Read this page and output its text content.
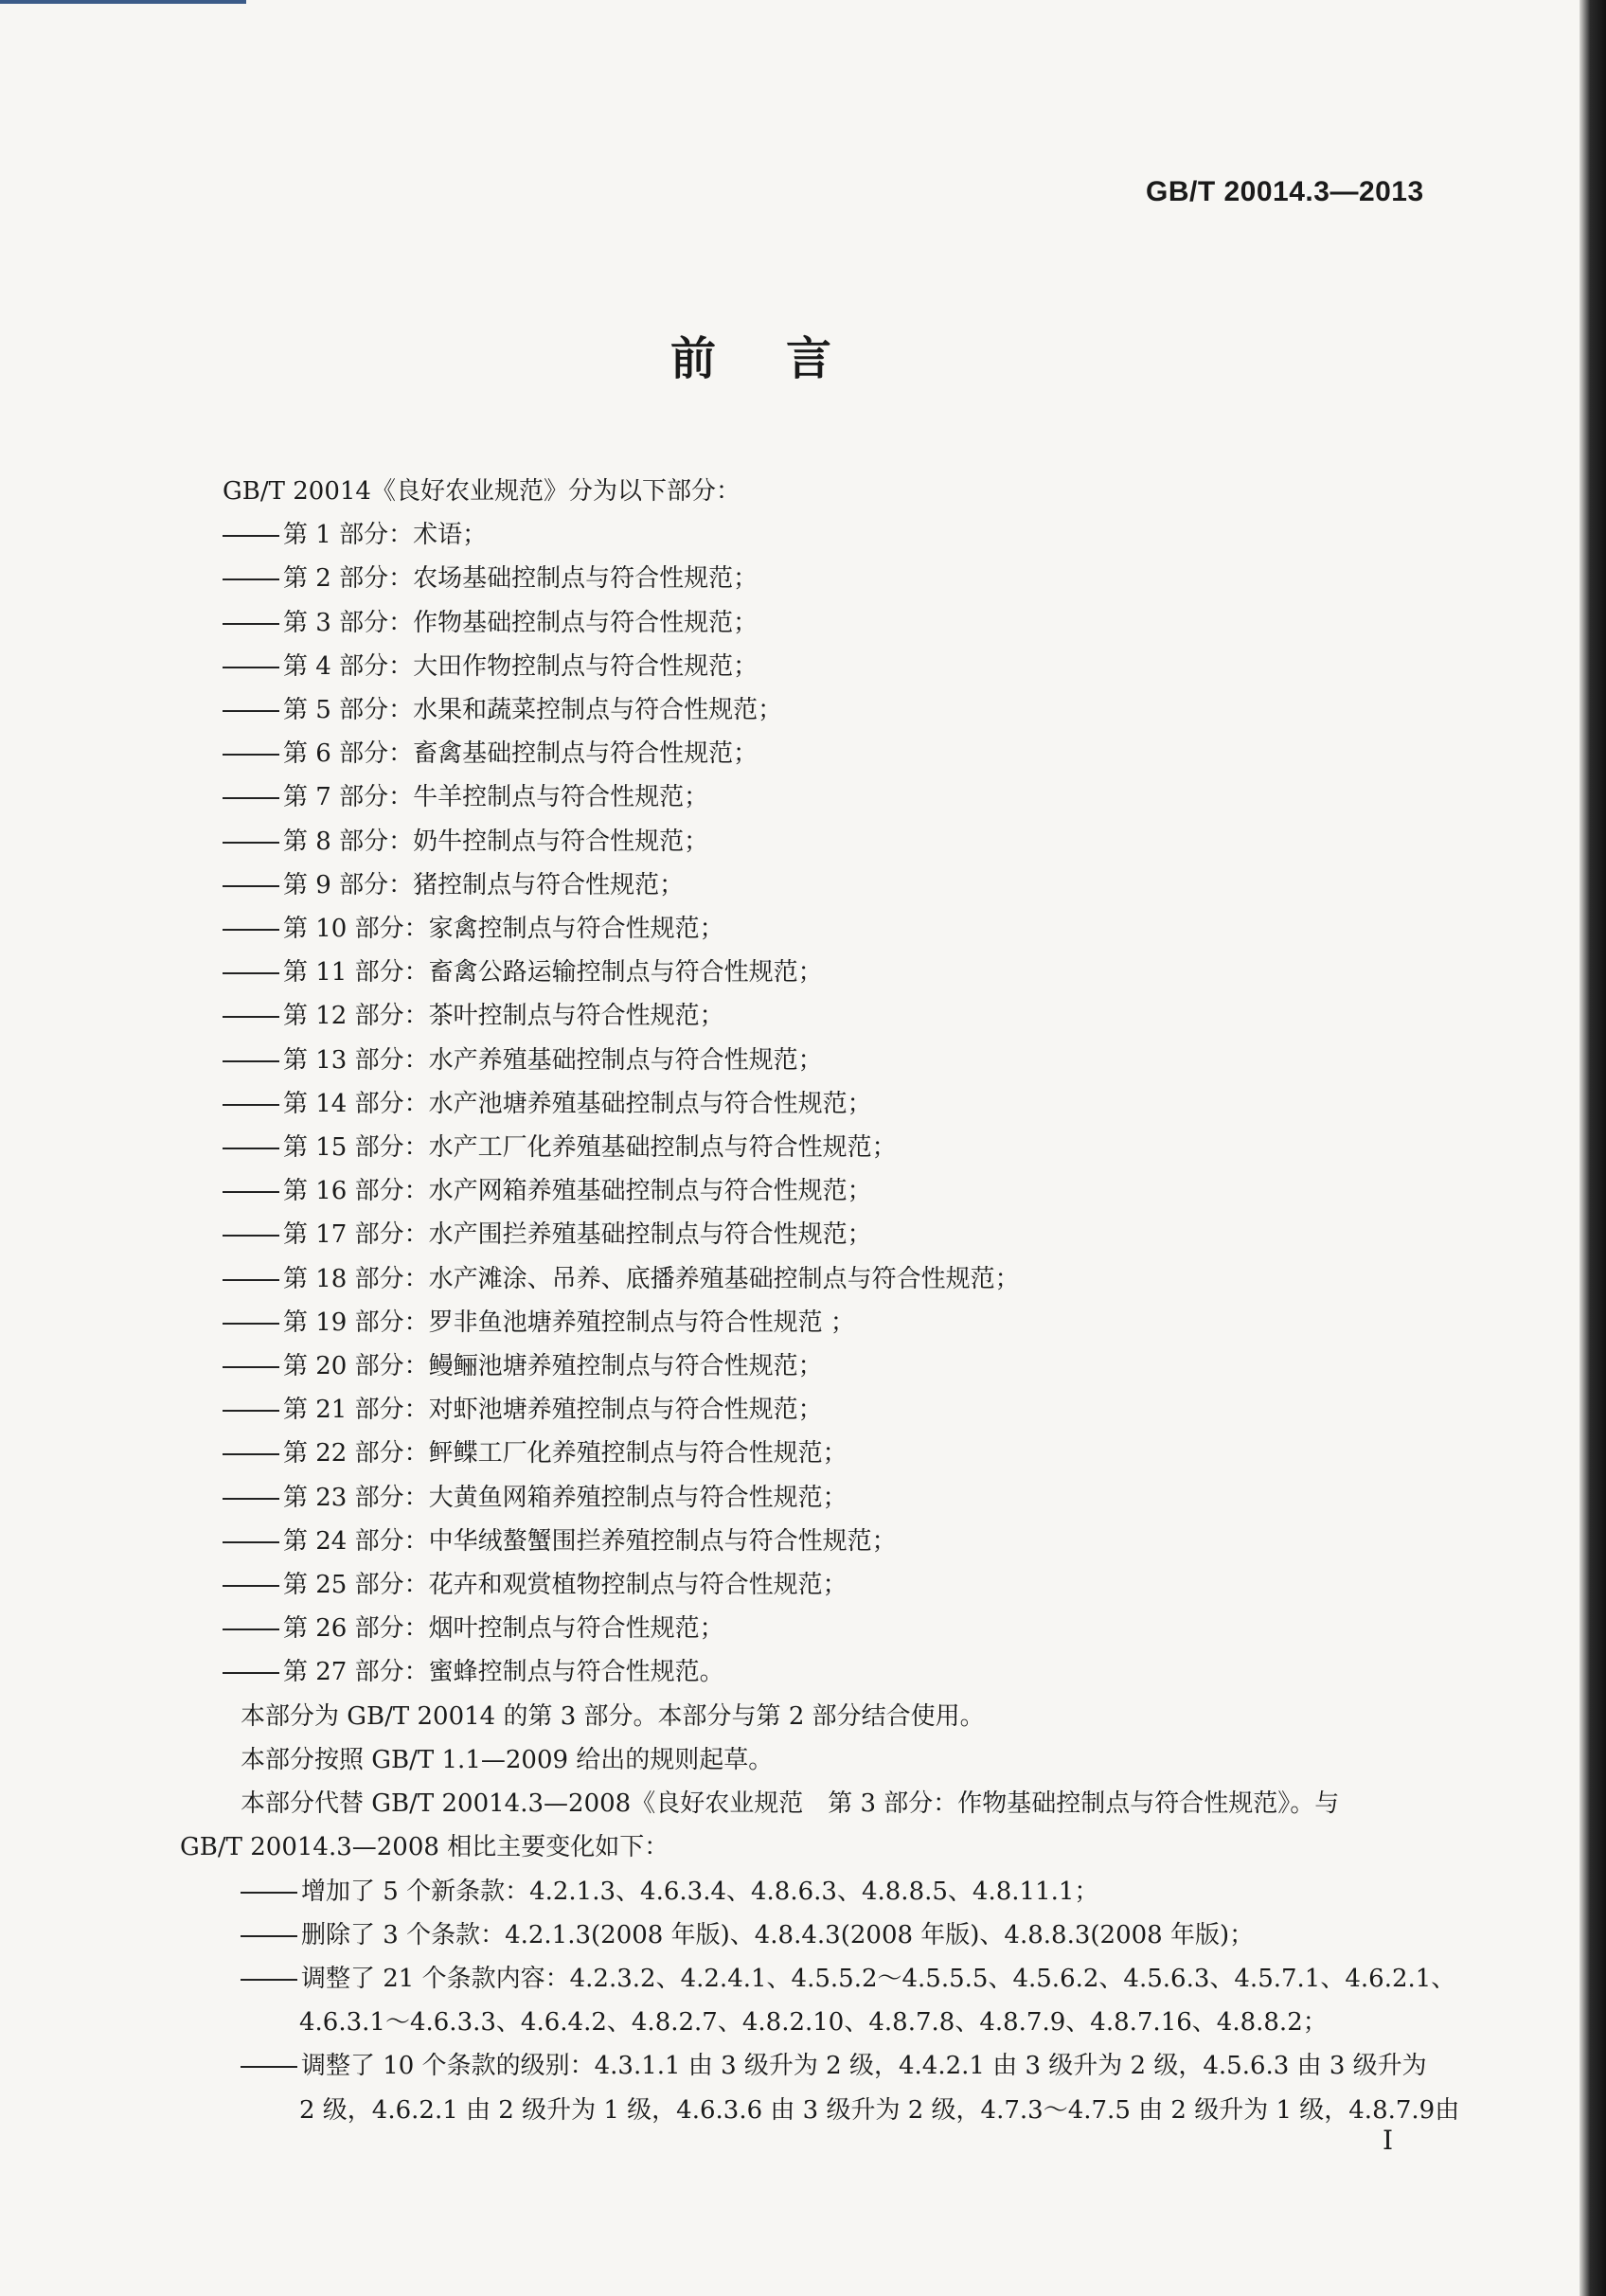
GB/T 20014.3—2013
前言

GB/T 20014《良好农业规范》分为以下部分：

第 1 部分：术语；

第 2 部分：农场基础控制点与符合性规范；

第 3 部分：作物基础控制点与符合性规范；

第 4 部分：大田作物控制点与符合性规范；

第 5 部分：水果和蔬菜控制点与符合性规范；

第 6 部分：畜禽基础控制点与符合性规范；

第 7 部分：牛羊控制点与符合性规范；

第 8 部分：奶牛控制点与符合性规范；

第 9 部分：猪控制点与符合性规范；

第 10 部分：家禽控制点与符合性规范；

第 11 部分：畜禽公路运输控制点与符合性规范；

第 12 部分：茶叶控制点与符合性规范；

第 13 部分：水产养殖基础控制点与符合性规范；

第 14 部分：水产池塘养殖基础控制点与符合性规范；

第 15 部分：水产工厂化养殖基础控制点与符合性规范；

第 16 部分：水产网箱养殖基础控制点与符合性规范；

第 17 部分：水产围拦养殖基础控制点与符合性规范；

第 18 部分：水产滩涂、吊养、底播养殖基础控制点与符合性规范；

第 19 部分：罗非鱼池塘养殖控制点与符合性规范 ；

第 20 部分：鳗鲡池塘养殖控制点与符合性规范；

第 21 部分：对虾池塘养殖控制点与符合性规范；

第 22 部分：鲆鲽工厂化养殖控制点与符合性规范；

第 23 部分：大黄鱼网箱养殖控制点与符合性规范；

第 24 部分：中华绒螯蟹围拦养殖控制点与符合性规范；

第 25 部分：花卉和观赏植物控制点与符合性规范；

第 26 部分：烟叶控制点与符合性规范；

第 27 部分：蜜蜂控制点与符合性规范。

本部分为 GB/T 20014 的第 3 部分。本部分与第 2 部分结合使用。

本部分按照 GB/T 1.1—2009 给出的规则起草。

本部分代替 GB/T 20014.3—2008《良好农业规范　第 3 部分：作物基础控制点与符合性规范》。与

GB/T 20014.3—2008 相比主要变化如下：

增加了 5 个新条款：4.2.1.3、4.6.3.4、4.8.6.3、4.8.8.5、4.8.11.1；

删除了 3 个条款：4.2.1.3(2008 年版)、4.8.4.3(2008 年版)、4.8.8.3(2008 年版)；

调整了 21 个条款内容：4.2.3.2、4.2.4.1、4.5.5.2～4.5.5.5、4.5.6.2、4.5.6.3、4.5.7.1、4.6.2.1、

4.6.3.1～4.6.3.3、4.6.4.2、4.8.2.7、4.8.2.10、4.8.7.8、4.8.7.9、4.8.7.16、4.8.8.2；

调整了 10 个条款的级别：4.3.1.1 由 3 级升为 2 级，4.4.2.1 由 3 级升为 2 级，4.5.6.3 由 3 级升为

2 级，4.6.2.1 由 2 级升为 1 级，4.6.3.6 由 3 级升为 2 级，4.7.3～4.7.5 由 2 级升为 1 级，4.8.7.9由

I
